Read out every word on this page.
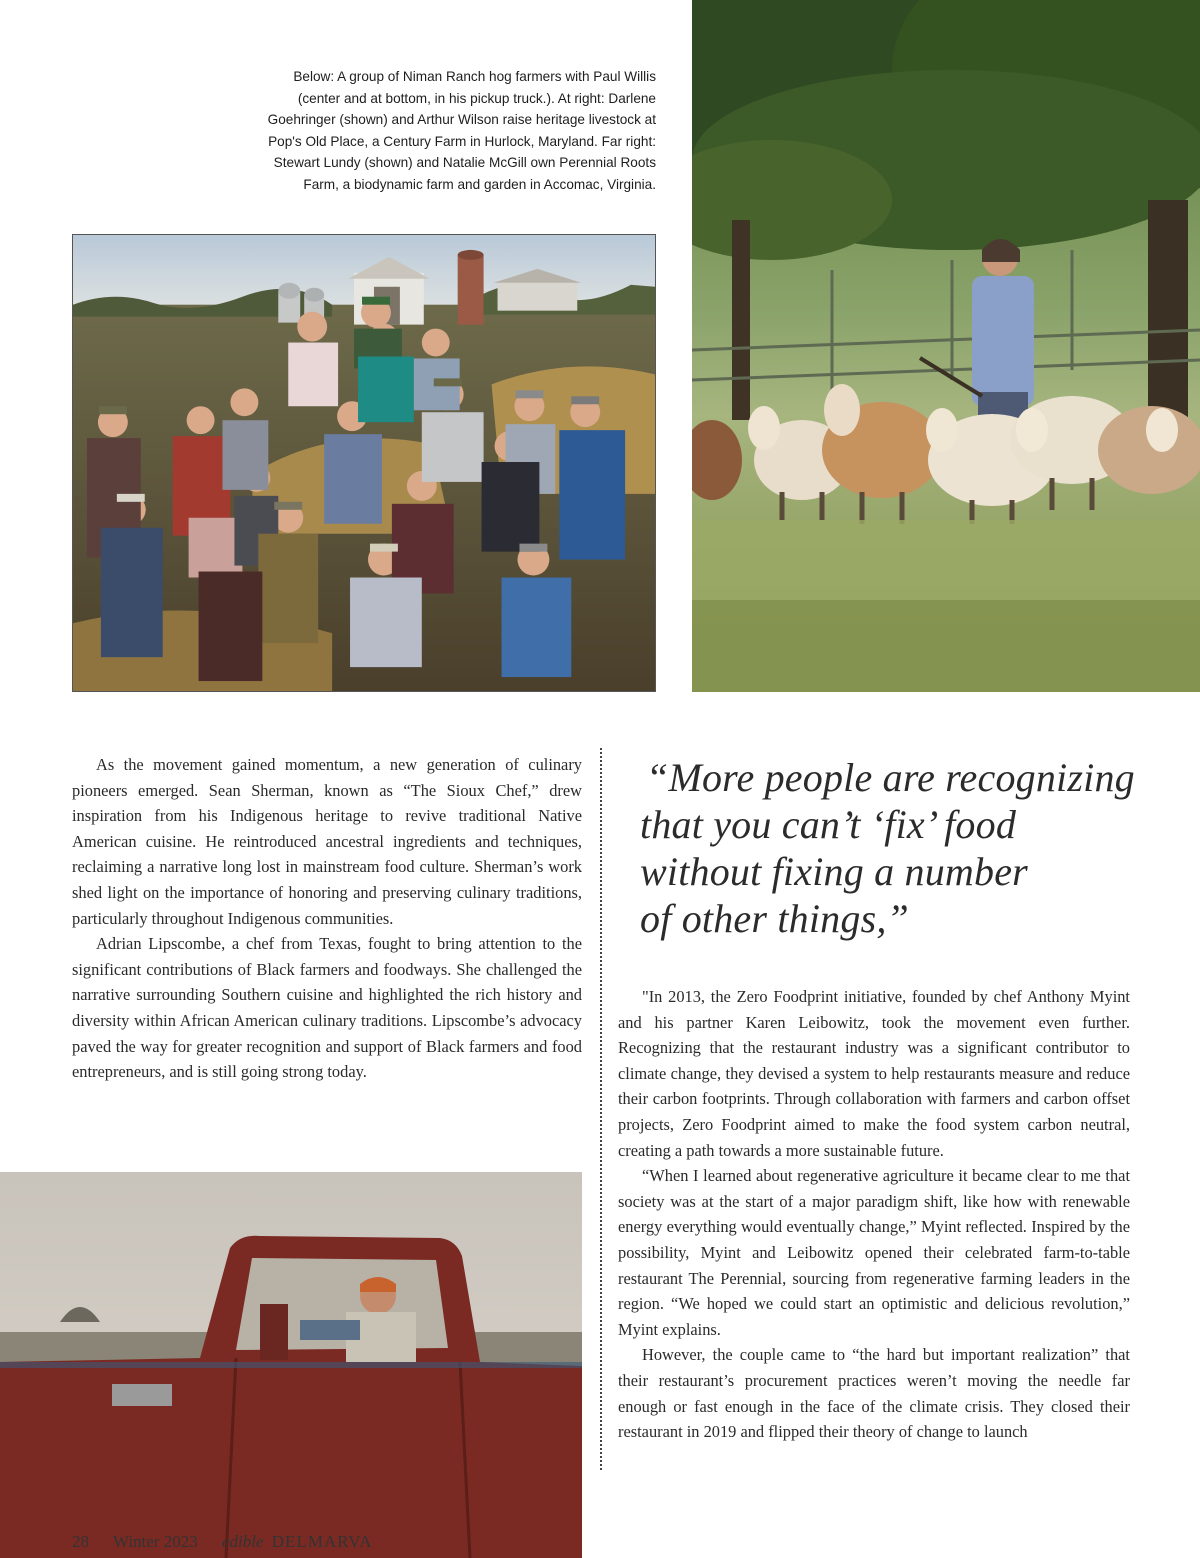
Below: A group of Niman Ranch hog farmers with Paul Willis (center and at bottom, in his pickup truck.). At right: Darlene Goehringer (shown) and Arthur Wilson raise heritage livestock at Pop's Old Place, a Century Farm in Hurlock, Maryland. Far right: Stewart Lundy (shown) and Natalie McGill own Perennial Roots Farm, a biodynamic farm and garden in Accomac, Virginia.

As the movement gained momentum, a new generation of culinary pioneers emerged. Sean Sherman, known as “The Sioux Chef,” drew inspiration from his Indigenous heritage to revive traditional Native American cuisine. He reintroduced ancestral ingredients and techniques, reclaiming a narrative long lost in mainstream food culture. Sherman’s work shed light on the importance of honoring and preserving culinary traditions, particularly throughout Indigenous communities.

Adrian Lipscombe, a chef from Texas, fought to bring attention to the significant contributions of Black farmers and foodways. She challenged the narrative surrounding Southern cuisine and highlighted the rich history and diversity within African American culinary traditions. Lipscombe’s advocacy paved the way for greater recognition and support of Black farmers and food entrepreneurs, and is still going strong today.

“More people are recognizing
that you can’t ‘fix’ food
without fixing a number
of other things,”

"In 2013, the Zero Foodprint initiative, founded by chef Anthony Myint and his partner Karen Leibowitz, took the movement even further. Recognizing that the restaurant industry was a significant contributor to climate change, they devised a system to help restaurants measure and reduce their carbon footprints. Through collaboration with farmers and carbon offset projects, Zero Foodprint aimed to make the food system carbon neutral, creating a path towards a more sustainable future.

“When I learned about regenerative agriculture it became clear to me that society was at the start of a major paradigm shift, like how with renewable energy everything would eventually change,” Myint reflected. Inspired by the possibility, Myint and Leibowitz opened their celebrated farm-to-table restaurant The Perennial, sourcing from regenerative farming leaders in the region. “We hoped we could start an optimistic and delicious revolution,” Myint explains.

However, the couple came to “the hard but important realization” that their restaurant’s procurement practices weren’t moving the needle far enough or fast enough in the face of the climate crisis. They closed their restaurant in 2019 and flipped their theory of change to launch

28 Winter 2023 edible DELMARVA
